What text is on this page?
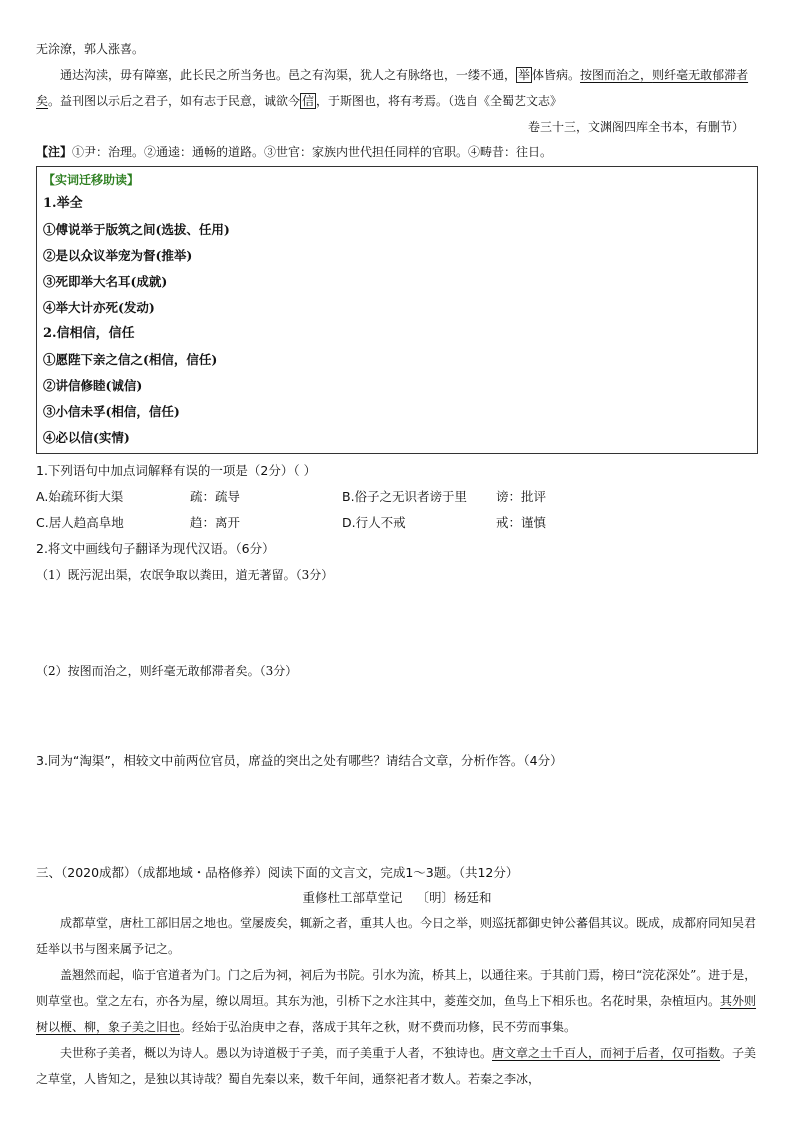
无涂潦，郭人涨喜。

通达沟渎，毋有障塞，此长民之所当务也。邑之有沟渠，犹人之有脉络也，一缕不通， 举 体皆病。按图而治之，则纤毫无敢郁滞者矣。益刊图以示后之君子，如有志于民意，诚欲今 信 ，于斯图也，将有考焉。（选自《全蜀艺文志》

卷三十三，文渊阁四库全书本，有删节）

【注】①尹：治理。②通逵：通畅的道路。③世官：家族内世代担任同样的官职。④畴昔：往日。

【实词迁移助读】
1.举全
①傅说举于版筑之间(选拔、任用)
②是以众议举宠为督(推举)
③死即举大名耳(成就)
④举大计亦死(发动)
2.信相信，信任
①愿陛下亲之信之(相信，信任)
②讲信修睦(诚信)
③小信未孚(相信，信任)
④必以信(实情)
1.下列语句中加点词解释有误的一项是（2分）（ ）
A.始疏环街大渠	疏：疏导	B.俗子之无识者谤于里	谤：批评
C.居人趋高阜地	趋：离开	D.行人不戒	戒：谨慎
2.将文中画线句子翻译为现代汉语。（6分）
（1）既污泥出渠，农氓争取以粪田，道无著留。（3分）
（2）按图而治之，则纤毫无敢郁滞者矣。（3分）
3.同为“淘渠”，相较文中前两位官员，席益的突出之处有哪些？请结合文章，分析作答。（4分）
三、（2020成都）（成都地域・品格修养）阅读下面的文言文，完成1～3题。（共12分）
重修杜工部草堂记 〔明〕杨廷和

成都草堂，唐杜工部旧居之地也。堂屡废矣，辄新之者，重其人也。今日之举，则巡抚都御史钟公蕃倡其议。既成，成都府同知吴君廷举以书与图来属予记之。

盖翘然而起，临于官道者为门。门之后为祠，祠后为书院。引水为流，桥其上，以通往来。于其前门焉，榜曰“浣花深处”。进于是，则草堂也。堂之左右，亦各为屋，缭以周垣。其东为池，引桥下之水注其中，菱莲交加，鱼鸟上下相乐也。名花时果，杂植垣内。其外则树以楩、柳，象子美之旧也。经始于弘治庚申之春，落成于其年之秋，财不费而功修，民不劳而事集。

夫世称子美者，概以为诗人。愚以为诗道极于子美，而子美重于人者，不独诗也。唐文章之士千百人，而祠于后者，仅可指数。子美之草堂，人皆知之，是独以其诗哉？蜀自先秦以来，数千年间，通祭祀者才数人。若秦之李冰，
